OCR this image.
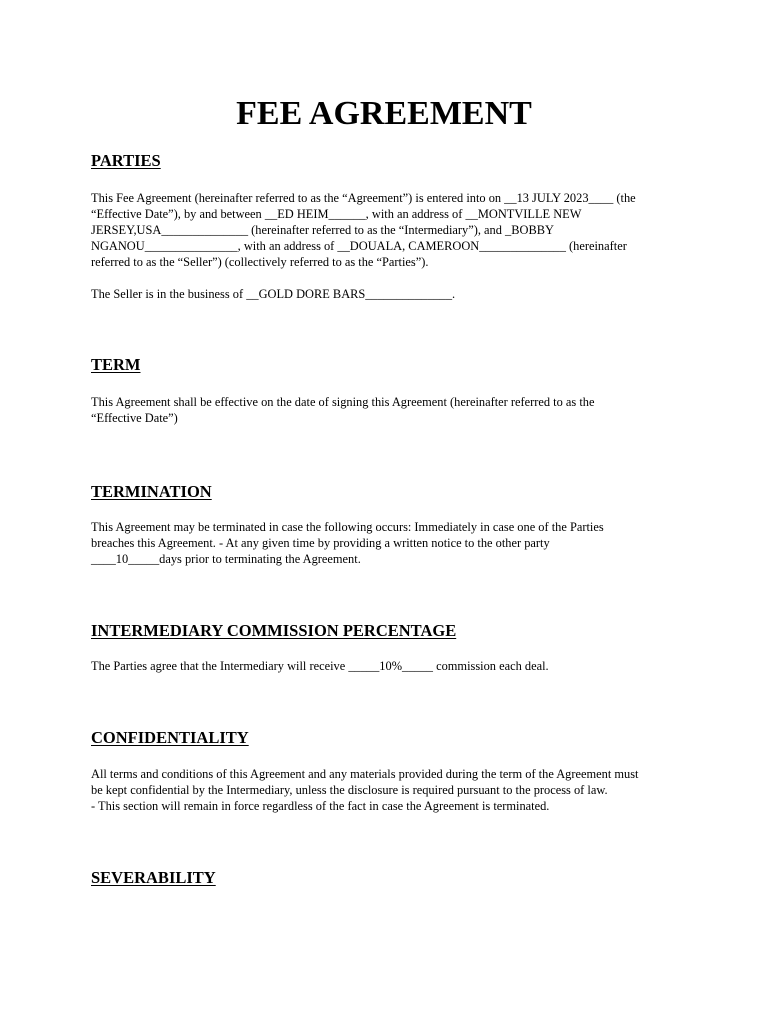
FEE AGREEMENT
PARTIES
This Fee Agreement (hereinafter referred to as the “Agreement”) is entered into on __13 JULY 2023____ (the
“Effective Date”), by and between __ED HEIM______, with an address of __MONTVILLE NEW
JERSEY,USA______________ (hereinafter referred to as the “Intermediary”), and _BOBBY
NGANOU_______________, with an address of __DOUALA, CAMEROON______________ (hereinafter
referred to as the “Seller”) (collectively referred to as the “Parties”).
The Seller is in the business of __GOLD DORE BARS______________.
TERM
This Agreement shall be effective on the date of signing this Agreement (hereinafter referred to as the
“Effective Date”)
TERMINATION
This Agreement may be terminated in case the following occurs: Immediately in case one of the Parties
breaches this Agreement. - At any given time by providing a written notice to the other party
____10_____days prior to terminating the Agreement.
INTERMEDIARY COMMISSION PERCENTAGE
The Parties agree that the Intermediary will receive _____10%_____ commission each deal.
CONFIDENTIALITY
All terms and conditions of this Agreement and any materials provided during the term of the Agreement must
be kept confidential by the Intermediary, unless the disclosure is required pursuant to the process of law.
- This section will remain in force regardless of the fact in case the Agreement is terminated.
SEVERABILITY
